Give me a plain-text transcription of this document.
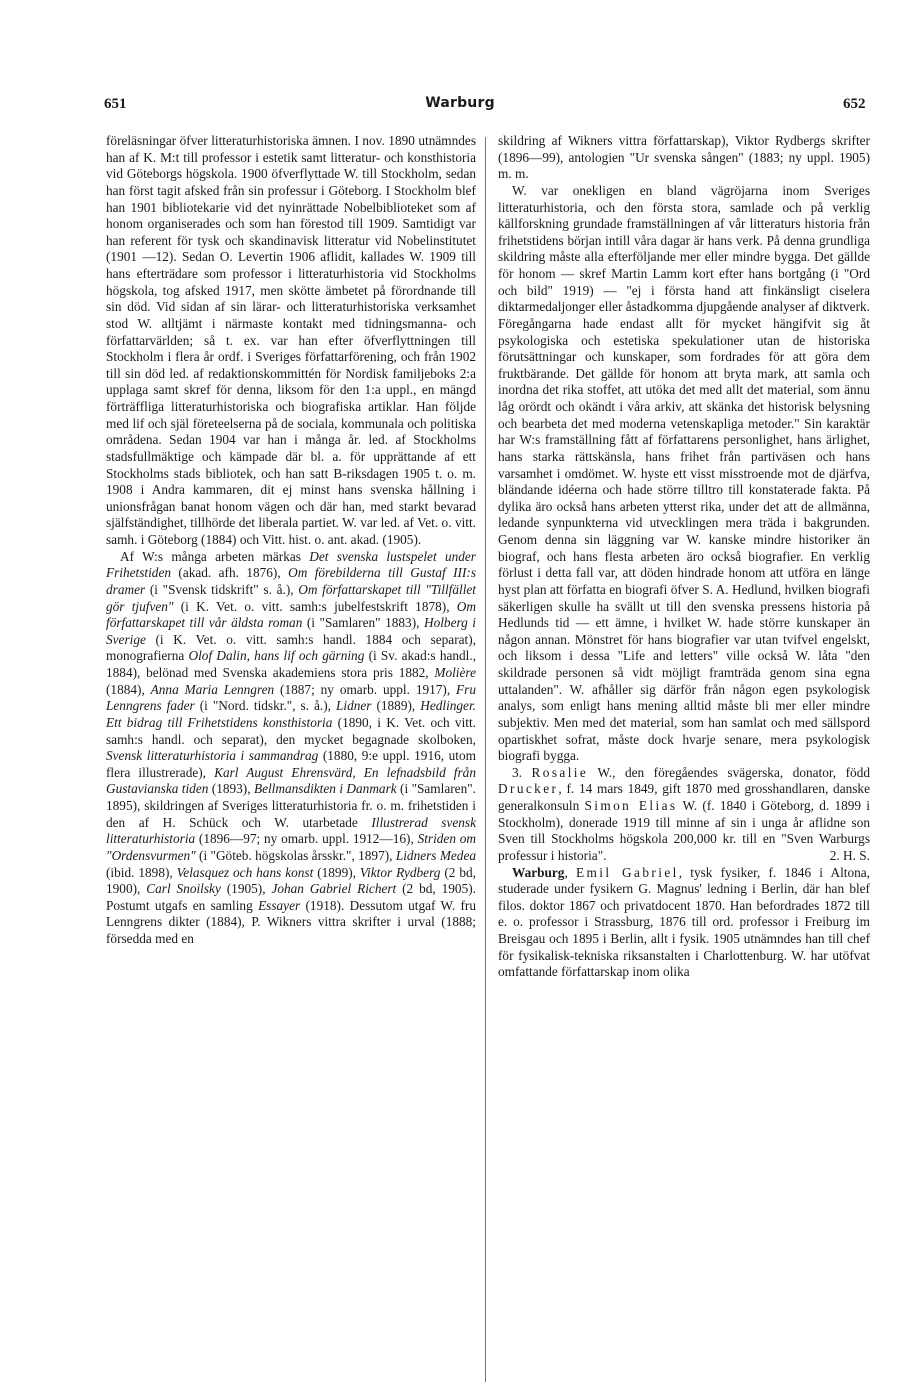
651	Warburg	652

föreläsningar öfver litteraturhistoriska ämnen. I nov. 1890 utnämndes han af K. M:t till professor i estetik samt litteratur- och konsthistoria vid Göteborgs högskola. 1900 öfverflyttade W. till Stockholm, sedan han först tagit afsked från sin professur i Göteborg. I Stockholm blef han 1901 bibliotekarie vid det nyinrättade Nobelbiblioteket som af honom organiserades och som han förestod till 1909. Samtidigt var han referent för tysk och skandinavisk litteratur vid Nobelinstitutet (1901 —12). Sedan O. Levertin 1906 aflidit, kallades W. 1909 till hans efterträdare som professor i litteraturhistoria vid Stockholms högskola, tog afsked 1917, men skötte ämbetet på förordnande till sin död. Vid sidan af sin lärar- och litteraturhistoriska verksamhet stod W. alltjämt i närmaste kontakt med tidningsmanna- och författarvärlden; så t. ex. var han efter öfverflyttningen till Stockholm i flera år ordf. i Sveriges författarförening, och från 1902 till sin död led. af redaktionskommittén för Nordisk familjeboks 2:a upplaga samt skref för denna, liksom för den 1:a uppl., en mängd förträffliga litteraturhistoriska och biografiska artiklar. Han följde med lif och själ företeelserna på de sociala, kommunala och politiska områdena. Sedan 1904 var han i många år. led. af Stockholms stadsfullmäktige och kämpade där bl. a. för upprättande af ett Stockholms stads bibliotek, och han satt B-riksdagen 1905 t. o. m. 1908 i Andra kammaren, dit ej minst hans svenska hållning i unionsfrågan banat honom vägen och där han, med starkt bevarad själfständighet, tillhörde det liberala partiet. W. var led. af Vet. o. vitt. samh. i Göteborg (1884) och Vitt. hist. o. ant. akad. (1905).

Af W:s många arbeten märkas Det svenska lustspelet under Frihetstiden (akad. afh. 1876), Om förebilderna till Gustaf III:s dramer (i "Svensk tidskrift" s. å.), Om författarskapet till "Tillfället gör tjufven" (i K. Vet. o. vitt. samh:s jubelfestskrift 1878), Om författarskapet till vår äldsta roman (i "Samlaren" 1883), Holberg i Sverige (i K. Vet. o. vitt. samh:s handl. 1884 och separat), monografierna Olof Dalin, hans lif och gärning (i Sv. akad:s handl., 1884), belönad med Svenska akademiens stora pris 1882, Molière (1884), Anna Maria Lenngren (1887; ny omarb. uppl. 1917), Fru Lenngrens fader (i "Nord. tidskr.", s. å.), Lidner (1889), Hedlinger. Ett bidrag till Frihetstidens konsthistoria (1890, i K. Vet. och vitt. samh:s handl. och separat), den mycket begagnade skolboken, Svensk litteraturhistoria i sammandrag (1880, 9:e uppl. 1916, utom flera illustrerade), Karl August Ehrensvärd, En lefnadsbild från Gustavianska tiden (1893), Bellmansdikten i Danmark (i "Samlaren". 1895), skildringen af Sveriges litteraturhistoria fr. o. m. frihetstiden i den af H. Schück och W. utarbetade Illustrerad svensk litteraturhistoria (1896—97; ny omarb. uppl. 1912—16), Striden om "Ordensvurmen" (i "Göteb. högskolas årsskr.", 1897), Lidners Medea (ibid. 1898), Velasquez och hans konst (1899), Viktor Rydberg (2 bd, 1900), Carl Snoilsky (1905), Johan Gabriel Richert (2 bd, 1905). Postumt utgafs en samling Essayer (1918). Dessutom utgaf W. fru Lenngrens dikter (1884), P. Wikners vittra skrifter i urval (1888; försedda med en

skildring af Wikners vittra författarskap), Viktor Rydbergs skrifter (1896—99), antologien "Ur svenska sången" (1883; ny uppl. 1905) m. m.

W. var onekligen en bland vägröjarna inom Sveriges litteraturhistoria, och den första stora, samlade och på verklig källforskning grundade framställningen af vår litteraturs historia från frihetstidens början intill våra dagar är hans verk. På denna grundliga skildring måste alla efterföljande mer eller mindre bygga. Det gällde för honom — skref Martin Lamm kort efter hans bortgång (i "Ord och bild" 1919) — "ej i första hand att finkänsligt ciselera diktarmedaljonger eller åstadkomma djupgående analyser af diktverk. Föregångarna hade endast allt för mycket hängifvit sig åt psykologiska och estetiska spekulationer utan de historiska förutsättningar och kunskaper, som fordrades för att göra dem fruktbärande. Det gällde för honom att bryta mark, att samla och inordna det rika stoffet, att utöka det med allt det material, som ännu låg orördt och okändt i våra arkiv, att skänka det historisk belysning och bearbeta det med moderna vetenskapliga metoder." Sin karaktär har W:s framställning fått af författarens personlighet, hans ärlighet, hans starka rättskänsla, hans frihet från partiväsen och hans varsamhet i omdömet. W. hyste ett visst misstroende mot de djärfva, bländande idéerna och hade större tilltro till konstaterade fakta. På dylika äro också hans arbeten ytterst rika, under det att de allmänna, ledande synpunkterna vid utvecklingen mera träda i bakgrunden. Genom denna sin läggning var W. kanske mindre historiker än biograf, och hans flesta arbeten äro också biografier. En verklig förlust i detta fall var, att döden hindrade honom att utföra en länge hyst plan att författa en biografi öfver S. A. Hedlund, hvilken biografi säkerligen skulle ha svällt ut till den svenska pressens historia på Hedlunds tid — ett ämne, i hvilket W. hade större kunskaper än någon annan. Mönstret för hans biografier var utan tvifvel engelskt, och liksom i dessa "Life and letters" ville också W. låta "den skildrade personen så vidt möjligt framträda genom sina egna uttalanden". W. afhåller sig därför från någon egen psykologisk analys, som enligt hans mening alltid måste bli mer eller mindre subjektiv. Men med det material, som han samlat och med sällspord opartiskhet sofrat, måste dock hvarje senare, mera psykologisk biografi bygga.

3. Rosalie W., den föregåendes svägerska, donator, född Drucker, f. 14 mars 1849, gift 1870 med grosshandlaren, danske generalkonsuln Simon Elias W. (f. 1840 i Göteborg, d. 1899 i Stockholm), donerade 1919 till minne af sin i unga år aflidne son Sven till Stockholms högskola 200,000 kr. till en "Sven Warburgs professur i historia".	2. H. S.

Warburg, Emil Gabriel, tysk fysiker, f. 1846 i Altona, studerade under fysikern G. Magnus' ledning i Berlin, där han blef filos. doktor 1867 och privatdocent 1870. Han befordrades 1872 till e. o. professor i Strassburg, 1876 till ord. professor i Freiburg im Breisgau och 1895 i Berlin, allt i fysik. 1905 utnämndes han till chef för fysikalisk-tekniska riksanstalten i Charlottenburg. W. har utöfvat omfattande författarskap inom olika
